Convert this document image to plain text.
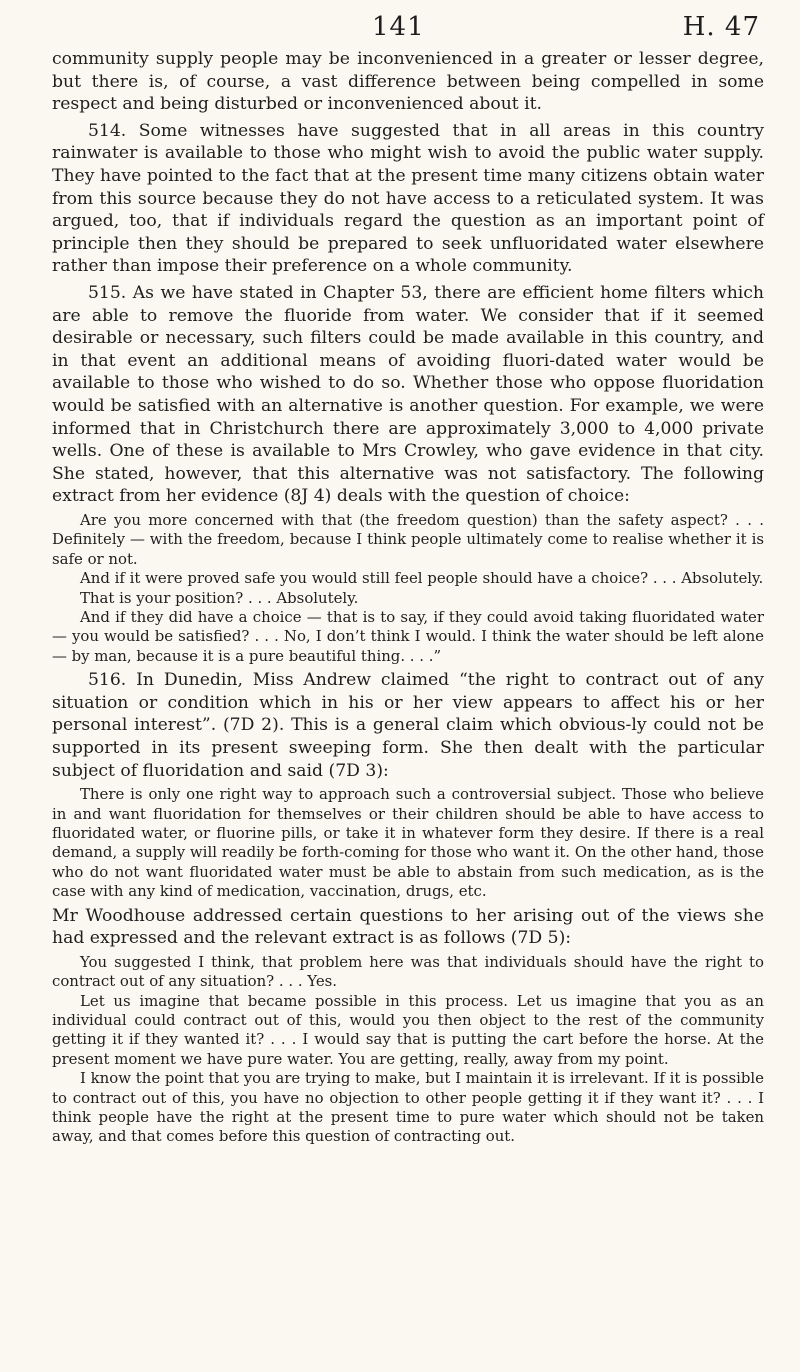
141	H. 47

community supply people may be inconvenienced in a greater or lesser degree, but there is, of course, a vast difference between being compelled in some respect and being disturbed or inconvenienced about it.

514. Some witnesses have suggested that in all areas in this country rainwater is available to those who might wish to avoid the public water supply. They have pointed to the fact that at the present time many citizens obtain water from this source because they do not have access to a reticulated system. It was argued, too, that if individuals regard the question as an important point of principle then they should be prepared to seek unfluoridated water elsewhere rather than impose their preference on a whole community.

515. As we have stated in Chapter 53, there are efficient home filters which are able to remove the fluoride from water. We consider that if it seemed desirable or necessary, such filters could be made available in this country, and in that event an additional means of avoiding fluori-dated water would be available to those who wished to do so. Whether those who oppose fluoridation would be satisfied with an alternative is another question. For example, we were informed that in Christchurch there are approximately 3,000 to 4,000 private wells. One of these is available to Mrs Crowley, who gave evidence in that city. She stated, however, that this alternative was not satisfactory. The following extract from her evidence (8J 4) deals with the question of choice:

Are you more concerned with that (the freedom question) than the safety aspect? . . . Definitely — with the freedom, because I think people ultimately come to realise whether it is safe or not.

And if it were proved safe you would still feel people should have a choice? . . . Absolutely.

That is your position? . . . Absolutely.

And if they did have a choice — that is to say, if they could avoid taking fluoridated water — you would be satisfied? . . . No, I don’t think I would. I think the water should be left alone — by man, because it is a pure beautiful thing. . . .”

516. In Dunedin, Miss Andrew claimed “the right to contract out of any situation or condition which in his or her view appears to affect his or her personal interest”. (7D 2). This is a general claim which obvious-ly could not be supported in its present sweeping form. She then dealt with the particular subject of fluoridation and said (7D 3):

There is only one right way to approach such a controversial subject. Those who believe in and want fluoridation for themselves or their children should be able to have access to fluoridated water, or fluorine pills, or take it in whatever form they desire. If there is a real demand, a supply will readily be forth-coming for those who want it. On the other hand, those who do not want fluoridated water must be able to abstain from such medication, as is the case with any kind of medication, vaccination, drugs, etc.

Mr Woodhouse addressed certain questions to her arising out of the views she had expressed and the relevant extract is as follows (7D 5):

You suggested I think, that problem here was that individuals should have the right to contract out of any situation? . . . Yes.

Let us imagine that became possible in this process. Let us imagine that you as an individual could contract out of this, would you then object to the rest of the community getting it if they wanted it? . . . I would say that is putting the cart before the horse. At the present moment we have pure water. You are getting, really, away from my point.

I know the point that you are trying to make, but I maintain it is irrelevant. If it is possible to contract out of this, you have no objection to other people getting it if they want it? . . . I think people have the right at the present time to pure water which should not be taken away, and that comes before this question of contracting out.
